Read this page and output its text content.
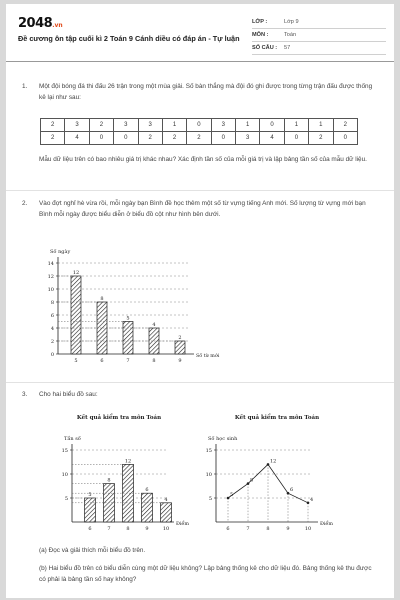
2048.vn
Đề cương ôn tập cuối kì 2 Toán 9 Cánh diều có đáp án - Tự luận
LỚP :	Lớp 9
MÔN :	Toán
SỐ CÂU :	57
1. Một đội bóng đá thi đấu 26 trận trong một mùa giải. Số bàn thắng mà đội đó ghi được trong từng trận đấu được thống kê lại như sau:
2	3	2	3	3	1	0	3	1	0	1	1	2
2	4	0	0	2	2	2	0	3	4	0	2	0
Mẫu dữ liệu trên có bao nhiêu giá trị khác nhau? Xác định tần số của mỗi giá trị và lập bảng tần số của mẫu dữ liệu.
2. Vào đợt nghỉ hè vừa rồi, mỗi ngày bạn Bình đề học thêm một số từ vựng tiếng Anh mới. Số lượng từ vựng mới bạn Bình mỗi ngày được biểu diễn ở biểu đồ cột như hình bên dưới.
Số ngày
0
2
4
6
8
10
12
14
5
12
6
8
7
5
8
4
9
2
Số từ mới
3. Cho hai biểu đồ sau:
Kết quả kiểm tra môn Toán
Tần số
5
10
15
6
5
7
8
8
12
9
6
10
4
Điểm
Kết quả kiểm tra môn Toán
Số học sinh
5
10
15
6
5
7
8
8
12
9
6
10
4
Điểm
(a) Đọc và giải thích mỗi biểu đồ trên.
(b) Hai biểu đồ trên có biểu diễn cùng một dữ liệu không? Lập bảng thống kê cho dữ liệu đó. Bảng thống kê thu được có phải là bảng tần số hay không?
